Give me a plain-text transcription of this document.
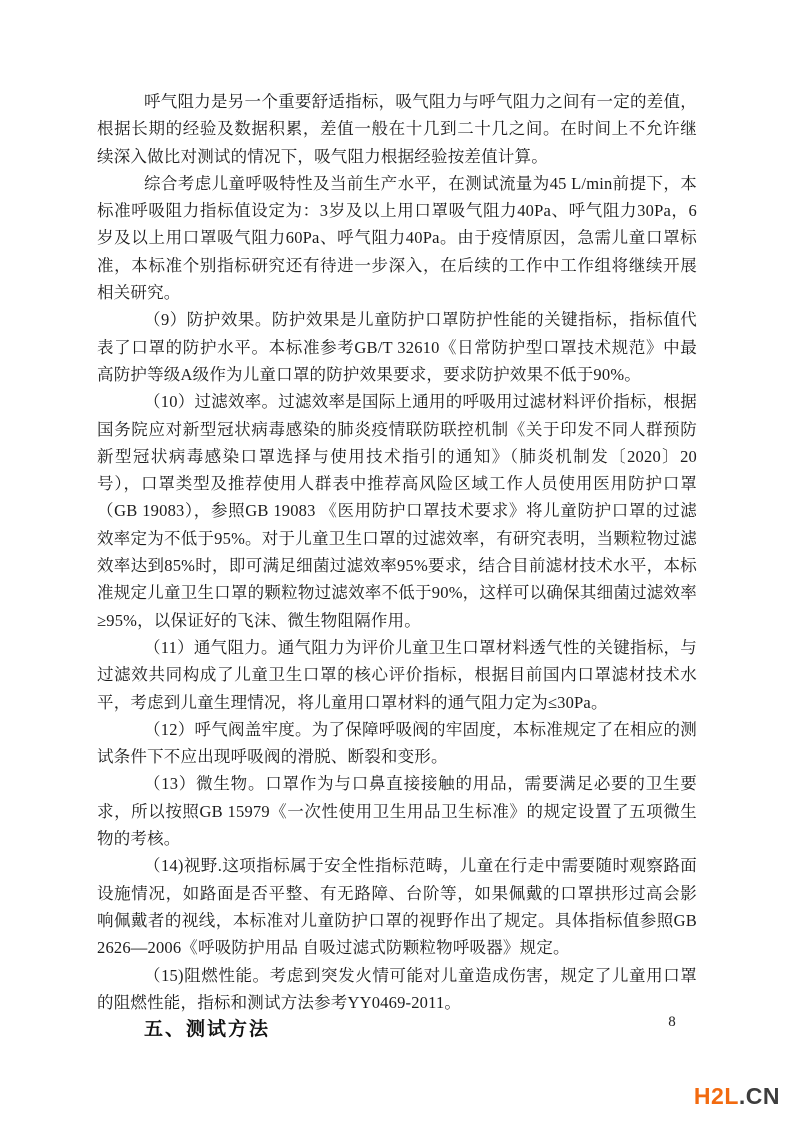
呼气阻力是另一个重要舒适指标，吸气阻力与呼气阻力之间有一定的差值，根据长期的经验及数据积累，差值一般在十几到二十几之间。在时间上不允许继续深入做比对测试的情况下，吸气阻力根据经验按差值计算。

综合考虑儿童呼吸特性及当前生产水平，在测试流量为45 L/min前提下，本标准呼吸阻力指标值设定为：3岁及以上用口罩吸气阻力40Pa、呼气阻力30Pa，6岁及以上用口罩吸气阻力60Pa、呼气阻力40Pa。由于疫情原因，急需儿童口罩标准，本标准个别指标研究还有待进一步深入，在后续的工作中工作组将继续开展相关研究。

（9）防护效果。防护效果是儿童防护口罩防护性能的关键指标，指标值代表了口罩的防护水平。本标准参考GB/T 32610《日常防护型口罩技术规范》中最高防护等级A级作为儿童口罩的防护效果要求，要求防护效果不低于90%。

（10）过滤效率。过滤效率是国际上通用的呼吸用过滤材料评价指标，根据国务院应对新型冠状病毒感染的肺炎疫情联防联控机制《关于印发不同人群预防新型冠状病毒感染口罩选择与使用技术指引的通知》（肺炎机制发〔2020〕20号），口罩类型及推荐使用人群表中推荐高风险区域工作人员使用医用防护口罩（GB 19083），参照GB 19083 《医用防护口罩技术要求》将儿童防护口罩的过滤效率定为不低于95%。对于儿童卫生口罩的过滤效率，有研究表明，当颗粒物过滤效率达到85%时，即可满足细菌过滤效率95%要求，结合目前滤材技术水平，本标准规定儿童卫生口罩的颗粒物过滤效率不低于90%，这样可以确保其细菌过滤效率≥95%，以保证好的飞沫、微生物阻隔作用。

（11）通气阻力。通气阻力为评价儿童卫生口罩材料透气性的关键指标，与过滤效共同构成了儿童卫生口罩的核心评价指标，根据目前国内口罩滤材技术水平，考虑到儿童生理情况，将儿童用口罩材料的通气阻力定为≤30Pa。

（12）呼气阀盖牢度。为了保障呼吸阀的牢固度，本标准规定了在相应的测试条件下不应出现呼吸阀的滑脱、断裂和变形。

（13）微生物。口罩作为与口鼻直接接触的用品，需要满足必要的卫生要求，所以按照GB 15979《一次性使用卫生用品卫生标准》的规定设置了五项微生物的考核。

（14)视野.这项指标属于安全性指标范畴，儿童在行走中需要随时观察路面设施情况，如路面是否平整、有无路障、台阶等，如果佩戴的口罩拱形过高会影响佩戴者的视线，本标准对儿童防护口罩的视野作出了规定。具体指标值参照GB 2626—2006《呼吸防护用品 自吸过滤式防颗粒物呼吸器》规定。

（15)阻燃性能。考虑到突发火情可能对儿童造成伤害，规定了儿童用口罩的阻燃性能，指标和测试方法参考YY0469-2011。

五、测试方法	8
H2L.CN
